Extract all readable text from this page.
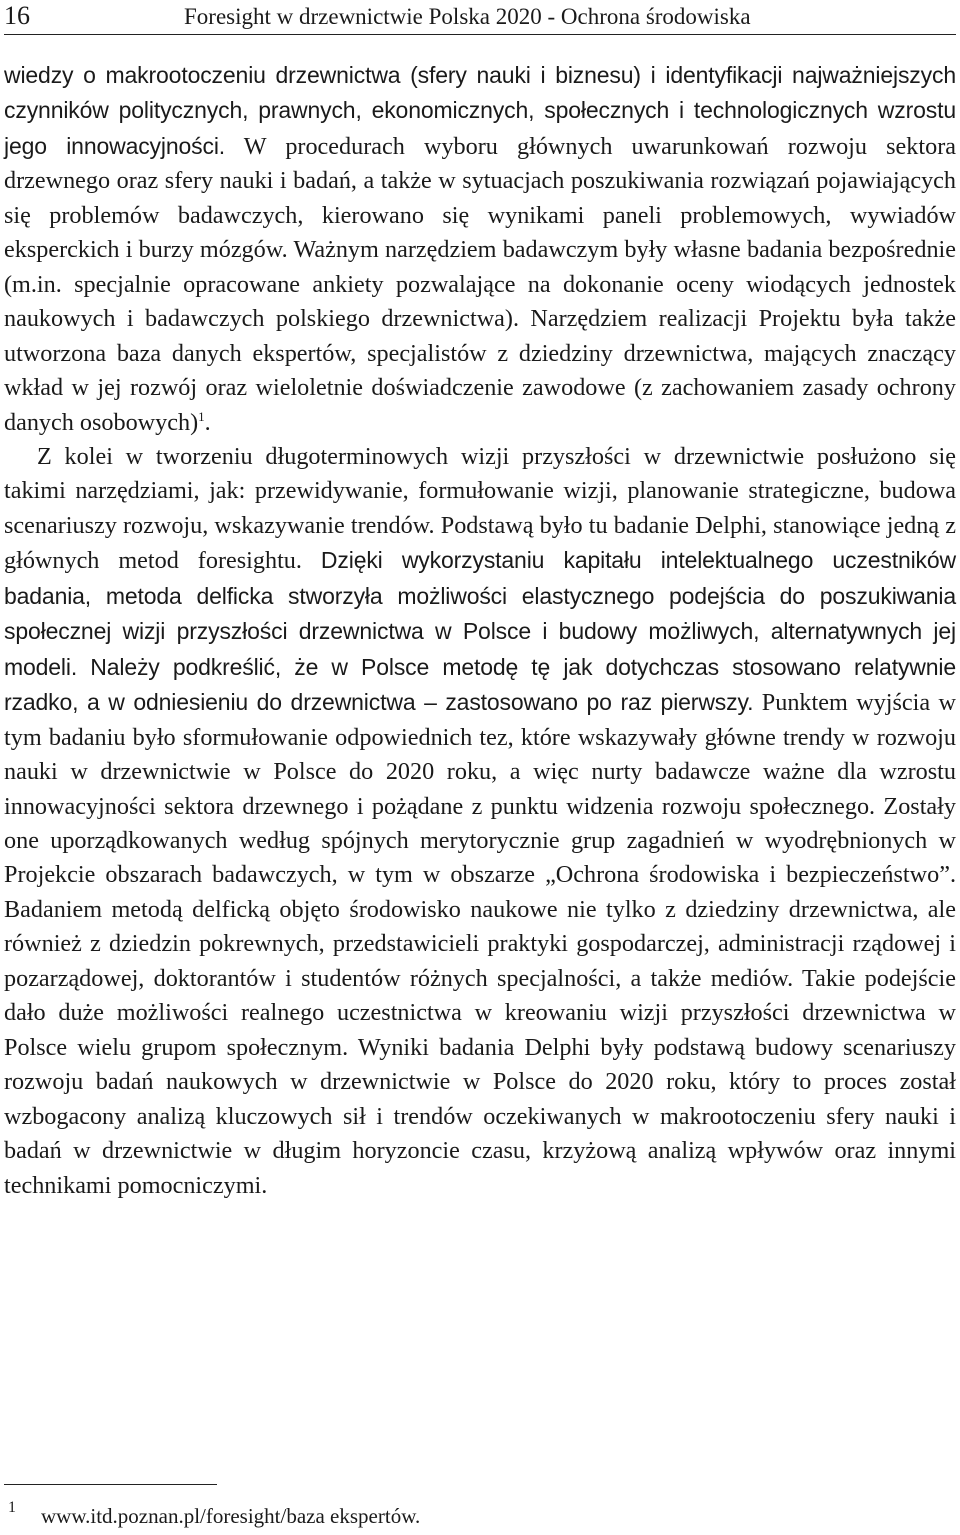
16	Foresight w drzewnictwie Polska 2020 - Ochrona środowiska

wiedzy o makrootoczeniu drzewnictwa (sfery nauki i biznesu) i identyfikacji najważniejszych czynników politycznych, prawnych, ekonomicznych, społecznych i technologicznych wzrostu jego innowacyjności. W procedurach wyboru głównych uwarunkowań rozwoju sektora drzewnego oraz sfery nauki i badań, a także w sytuacjach poszukiwania rozwiązań pojawiających się problemów badawczych, kierowano się wynikami paneli problemowych, wywiadów eksperckich i burzy mózgów. Ważnym narzędziem badawczym były własne badania bezpośrednie (m.in. specjalnie opracowane ankiety pozwalające na dokonanie oceny wiodących jednostek naukowych i badawczych polskiego drzewnictwa). Narzędziem realizacji Projektu była także utworzona baza danych ekspertów, specjalistów z dziedziny drzewnictwa, mających znaczący wkład w jej rozwój oraz wieloletnie doświadczenie zawodowe (z zachowaniem zasady ochrony danych osobowych)$^1$.

Z kolei w tworzeniu długoterminowych wizji przyszłości w drzewnictwie posłużono się takimi narzędziami, jak: przewidywanie, formułowanie wizji, planowanie strategiczne, budowa scenariuszy rozwoju, wskazywanie trendów. Podstawą było tu badanie Delphi, stanowiące jedną z głównych metod foresightu. Dzięki wykorzystaniu kapitału intelektualnego uczestników badania, metoda delficka stworzyła możliwości elastycznego podejścia do poszukiwania społecznej wizji przyszłości drzewnictwa w Polsce i budowy możliwych, alternatywnych jej modeli. Należy podkreślić, że w Polsce metodę tę jak dotychczas stosowano relatywnie rzadko, a w odniesieniu do drzewnictwa – zastosowano po raz pierwszy. Punktem wyjścia w tym badaniu było sformułowanie odpowiednich tez, które wskazywały główne trendy w rozwoju nauki w drzewnictwie w Polsce do 2020 roku, a więc nurty badawcze ważne dla wzrostu innowacyjności sektora drzewnego i pożądane z punktu widzenia rozwoju społecznego. Zostały one uporządkowanych według spójnych merytorycznie grup zagadnień w wyodrębnionych w Projekcie obszarach badawczych, w tym w obszarze „Ochrona środowiska i bezpieczeństwo”. Badaniem metodą delficką objęto środowisko naukowe nie tylko z dziedziny drzewnictwa, ale również z dziedzin pokrewnych, przedstawicieli praktyki gospodarczej, administracji rządowej i pozarządowej, doktorantów i studentów różnych specjalności, a także mediów. Takie podejście dało duże możliwości realnego uczestnictwa w kreowaniu wizji przyszłości drzewnictwa w Polsce wielu grupom społecznym. Wyniki badania Delphi były podstawą budowy scenariuszy rozwoju badań naukowych w drzewnictwie w Polsce do 2020 roku, który to proces został wzbogacony analizą kluczowych sił i trendów oczekiwanych w makrootoczeniu sfery nauki i badań w drzewnictwie w długim horyzoncie czasu, krzyżową analizą wpływów oraz innymi technikami pomocniczymi.

1 www.itd.poznan.pl/foresight/baza ekspertów.
